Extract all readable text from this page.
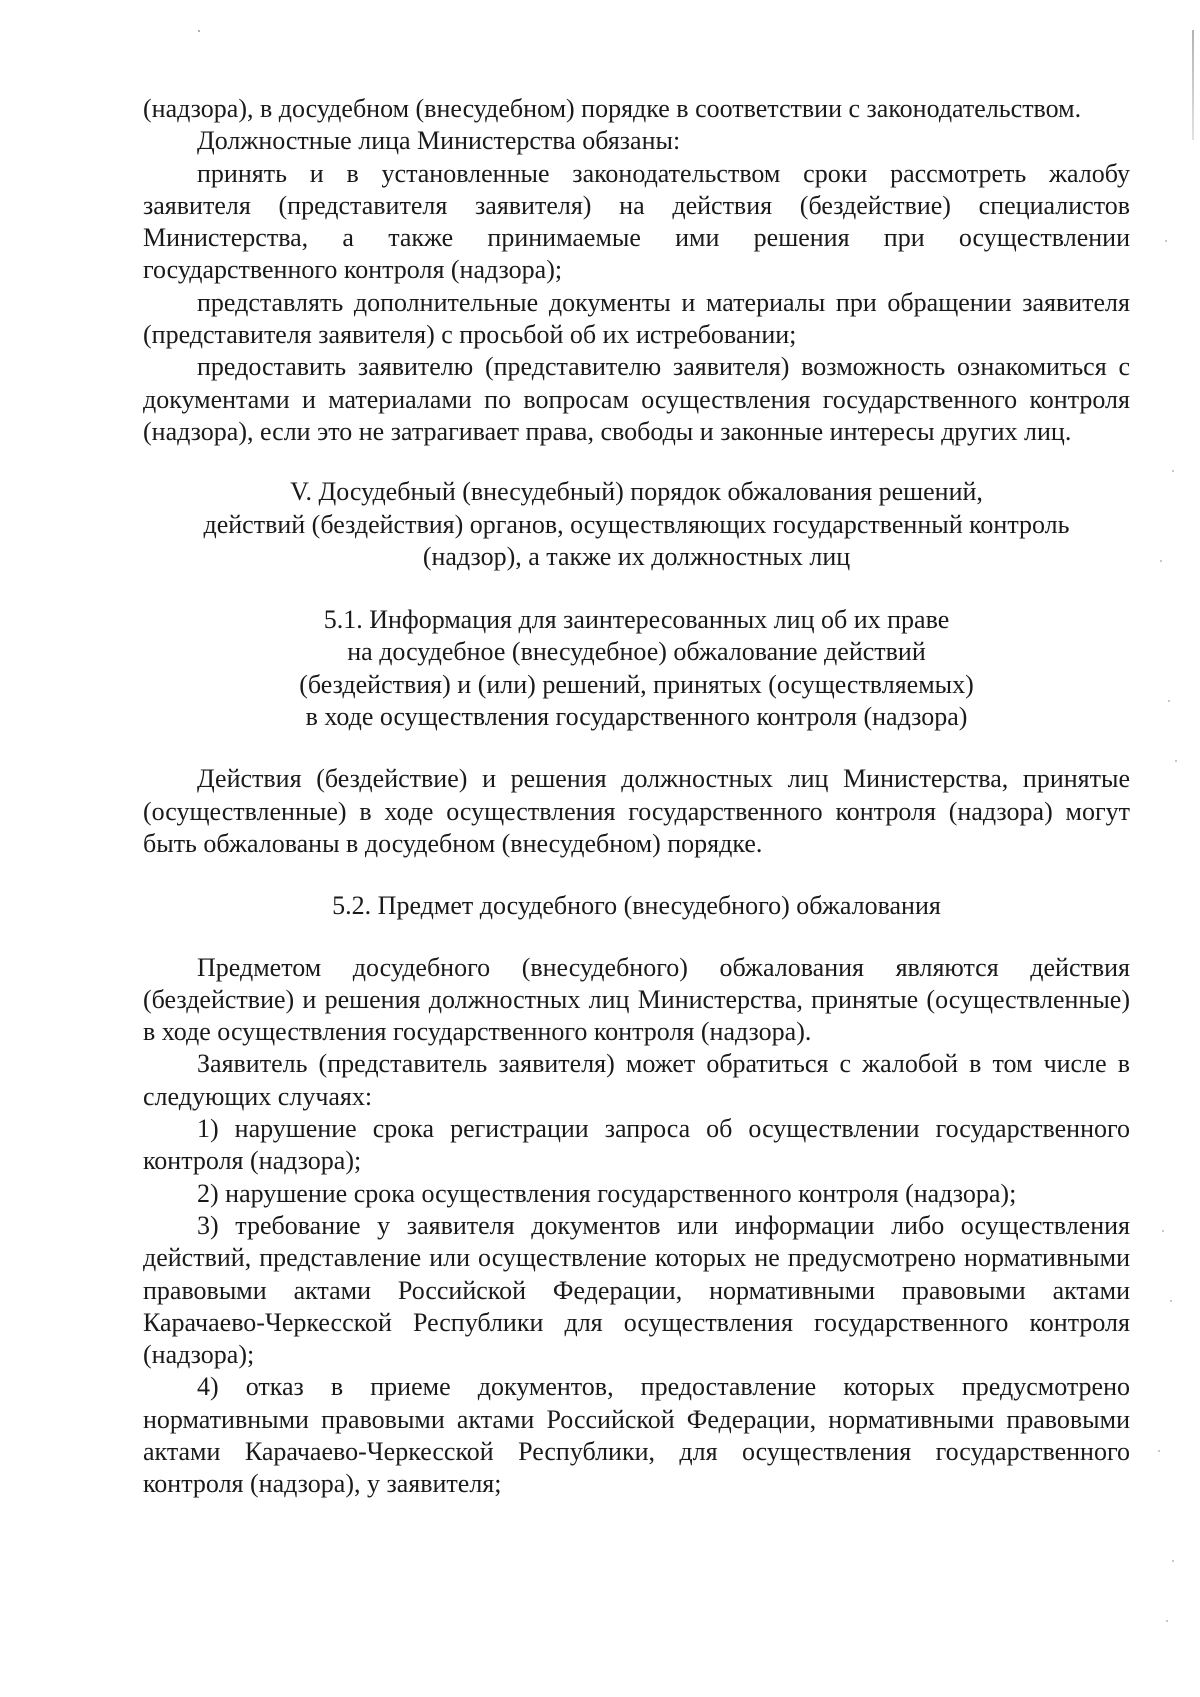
(надзора), в досудебном (внесудебном) порядке в соответствии с законодательством.

Должностные лица Министерства обязаны:

принять и в установленные законодательством сроки рассмотреть жалобу заявителя (представителя заявителя) на действия (бездействие) специалистов Министерства, а также принимаемые ими решения при осуществлении государственного контроля (надзора);

представлять дополнительные документы и материалы при обращении заявителя (представителя заявителя) с просьбой об их истребовании;

предоставить заявителю (представителю заявителя) возможность ознакомиться с документами и материалами по вопросам осуществления государственного контроля (надзора), если это не затрагивает права, свободы и законные интересы других лиц.

V. Досудебный (внесудебный) порядок обжалования решений,
действий (бездействия) органов, осуществляющих государственный контроль
(надзор), а также их должностных лиц

5.1. Информация для заинтересованных лиц об их праве
на досудебное (внесудебное) обжалование действий
(бездействия) и (или) решений, принятых (осуществляемых)
в ходе осуществления государственного контроля (надзора)

Действия (бездействие) и решения должностных лиц Министерства, принятые (осуществленные) в ходе осуществления государственного контроля (надзора) могут быть обжалованы в досудебном (внесудебном) порядке.

5.2. Предмет досудебного (внесудебного) обжалования

Предметом досудебного (внесудебного) обжалования являются действия (бездействие) и решения должностных лиц Министерства, принятые (осуществленные) в ходе осуществления государственного контроля (надзора).

Заявитель (представитель заявителя) может обратиться с жалобой в том числе в следующих случаях:

1) нарушение срока регистрации запроса об осуществлении государственного контроля (надзора);

2) нарушение срока осуществления государственного контроля (надзора);

3) требование у заявителя документов или информации либо осуществления действий, представление или осуществление которых не предусмотрено нормативными правовыми актами Российской Федерации, нормативными правовыми актами Карачаево-Черкесской Республики для осуществления государственного контроля (надзора);

4) отказ в приеме документов, предоставление которых предусмотрено нормативными правовыми актами Российской Федерации, нормативными правовыми актами Карачаево-Черкесской Республики, для осуществления государственного контроля (надзора), у заявителя;
